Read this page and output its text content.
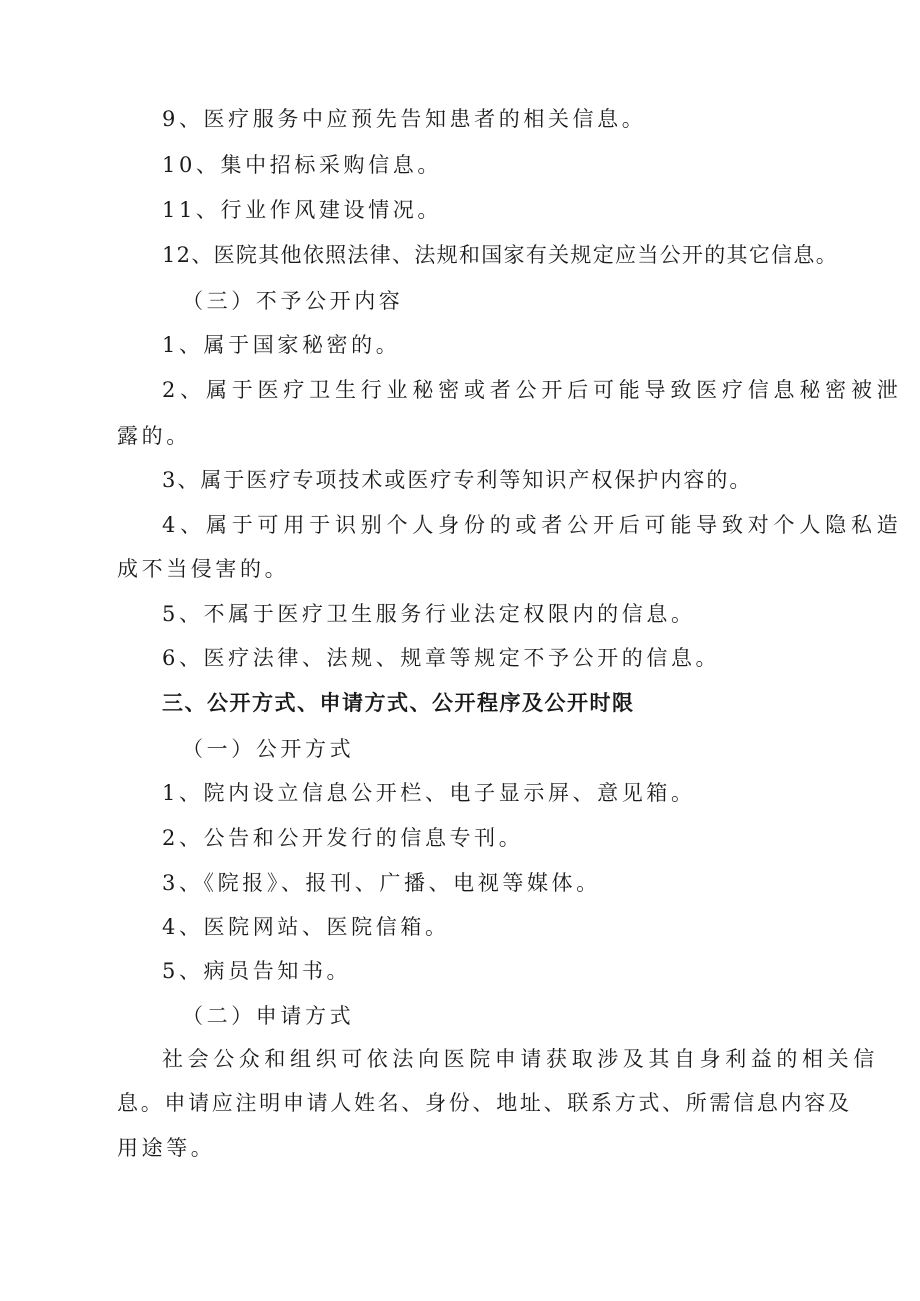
9、医疗服务中应预先告知患者的相关信息。
10、集中招标采购信息。
11、行业作风建设情况。
12、医院其他依照法律、法规和国家有关规定应当公开的其它信息。
（三）不予公开内容
1、属于国家秘密的。
2、属于医疗卫生行业秘密或者公开后可能导致医疗信息秘密被泄
露的。
3、属于医疗专项技术或医疗专利等知识产权保护内容的。
4、属于可用于识别个人身份的或者公开后可能导致对个人隐私造
成不当侵害的。
5、不属于医疗卫生服务行业法定权限内的信息。
6、医疗法律、法规、规章等规定不予公开的信息。
三、公开方式、申请方式、公开程序及公开时限
（一）公开方式
1、院内设立信息公开栏、电子显示屏、意见箱。
2、公告和公开发行的信息专刊。
3、《院报》、报刊、广播、电视等媒体。
4、医院网站、医院信箱。
5、病员告知书。
（二）申请方式
社会公众和组织可依法向医院申请获取涉及其自身利益的相关信
息。申请应注明申请人姓名、身份、地址、联系方式、所需信息内容及
用途等。
